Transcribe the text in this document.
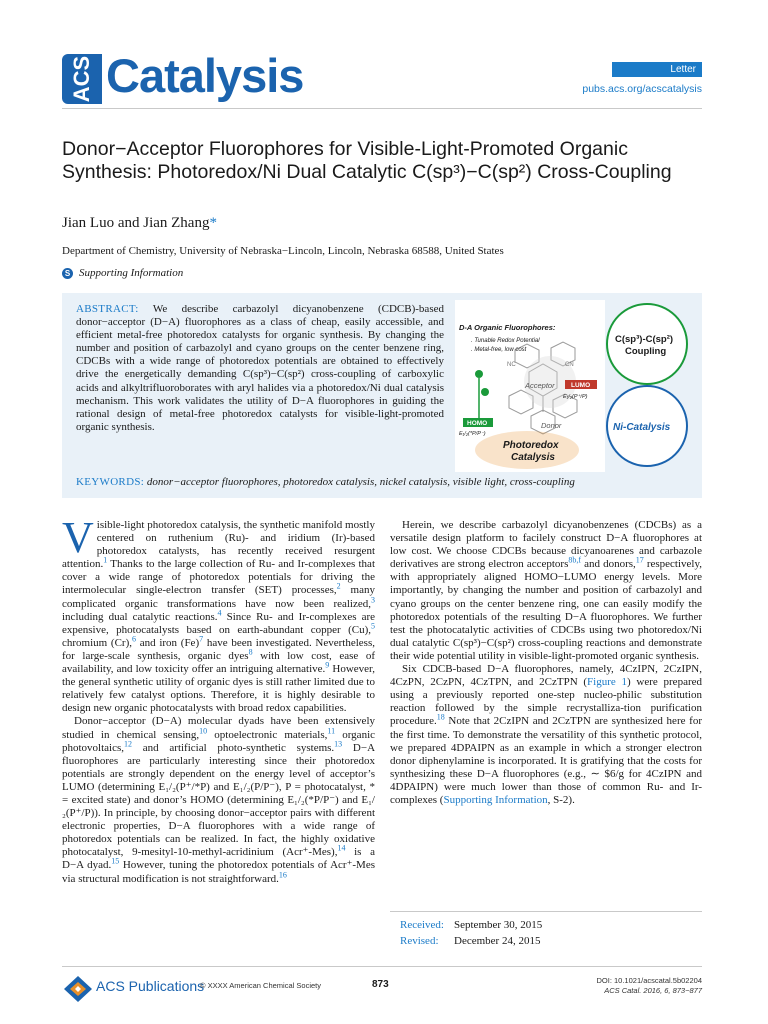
ACS Catalysis	Letter
pubs.acs.org/acscatalysis
Donor−Acceptor Fluorophores for Visible-Light-Promoted Organic Synthesis: Photoredox/Ni Dual Catalytic C(sp³)−C(sp²) Cross-Coupling
Jian Luo and Jian Zhang*
Department of Chemistry, University of Nebraska−Lincoln, Lincoln, Nebraska 68588, United States
S Supporting Information
ABSTRACT: We describe carbazolyl dicyanobenzene (CDCB)-based donor−acceptor (D−A) fluorophores as a class of cheap, easily accessible, and efficient metal-free photoredox catalysts for organic synthesis. By changing the number and position of carbazolyl and cyano groups on the center benzene ring, CDCBs with a wide range of photoredox potentials are obtained to effectively drive the energetically demanding C(sp³)−C(sp²) cross-coupling of carboxylic acids and alkyltrifluoroborates with aryl halides via a photoredox/Ni dual catalysis mechanism. This work validates the utility of D−A fluorophores in guiding the rational design of metal-free photoredox catalysts for visible-light-promoted organic synthesis.
D-A Organic Fluorophores:
. Tunable Redox Potential
. Metal-free, low cost
NC	CN
Acceptor
Donor
LUMO
E₁/₂(P⁺/P)
HOMO
E₁/₂(*P/P⁻)
Photoredox
Catalysis
C(sp³)-C(sp²)
Coupling
Ni-Catalysis
KEYWORDS: donor−acceptor fluorophores, photoredox catalysis, nickel catalysis, visible light, cross-coupling

Visible-light photoredox catalysis, the synthetic manifold mostly centered on ruthenium (Ru)- and iridium (Ir)-based photoredox catalysts, has recently received resurgent attention.$^1$ Thanks to the large collection of Ru- and Ir-complexes that cover a wide range of photoredox potentials for driving the intermolecular single-electron transfer (SET) processes,$^2$ many complicated organic transformations have now been realized,$^3$ including dual catalytic reactions.$^4$ Since Ru- and Ir-complexes are expensive, photocatalysts based on earth-abundant copper (Cu),$^5$ chromium (Cr),$^6$ and iron (Fe)$^7$ have been investigated. Nevertheless, for large-scale synthesis, organic dyes$^8$ with low cost, ease of availability, and low toxicity offer an intriguing alternative.$^9$ However, the general synthetic utility of organic dyes is still rather limited due to relatively few catalyst options. Therefore, it is highly desirable to design new organic photocatalysts with broad redox capabilities.

Donor−acceptor (D−A) molecular dyads have been extensively studied in chemical sensing,$^{10}$ optoelectronic materials,$^{11}$ organic photovoltaics,$^{12}$ and artificial photo-synthetic systems.$^{13}$ D−A fluorophores are particularly interesting since their photoredox potentials are strongly dependent on the energy level of acceptor’s LUMO (determining E₁/₂(P⁺/*P) and E₁/₂(P/P⁻), P = photocatalyst, * = excited state) and donor’s HOMO (determining E₁/₂(*P/P⁻) and E₁/₂(P⁺/P)). In principle, by choosing donor−acceptor pairs with different electronic properties, D−A fluorophores with a wide range of photoredox potentials can be realized. In fact, the highly oxidative photocatalyst, 9-mesityl-10-methyl-acridinium (Acr⁺-Mes),$^{14}$ is a D−A dyad.$^{15}$ However, tuning the photoredox potentials of Acr⁺-Mes via structural modification is not straightforward.$^{16}$

Herein, we describe carbazolyl dicyanobenzenes (CDCBs) as a versatile design platform to facilely construct D−A fluorophores at low cost. We choose CDCBs because dicyanoarenes and carbazole derivatives are strong electron acceptors$^{8b,f}$ and donors,$^{17}$ respectively, with appropriately aligned HOMO−LUMO energy levels. More importantly, by changing the number and position of carbazolyl and cyano groups on the center benzene ring, one can easily modify the photoredox potentials of the resulting D−A fluorophores. We further test the photocatalytic activities of CDCBs using two photoredox/Ni dual catalytic C(sp³)−C(sp²) cross-coupling reactions and demonstrate their wide potential utility in visible-light-promoted organic synthesis.

Six CDCB-based D−A fluorophores, namely, 4CzIPN, 2CzIPN, 4CzPN, 2CzPN, 4CzTPN, and 2CzTPN (Figure 1) were prepared using a previously reported one-step nucleo-philic substitution reaction followed by the simple recrystalliza-tion purification procedure.$^{18}$ Note that 2CzIPN and 2CzTPN are synthesized here for the first time. To demonstrate the versatility of this synthetic protocol, we prepared 4DPAIPN as an example in which a stronger electron donor diphenylamine is incorporated. It is gratifying that the costs for synthesizing these D−A fluorophores (e.g., ∼ $6/g for 4CzIPN and 4DPAIPN) were much lower than those of common Ru- and Ir-complexes (Supporting Information, S-2).

Received: September 30, 2015
Revised: December 24, 2015
ACS Publications
© XXXX American Chemical Society	873	DOI: 10.1021/acscatal.5b02204
ACS Catal. 2016, 6, 873−877
